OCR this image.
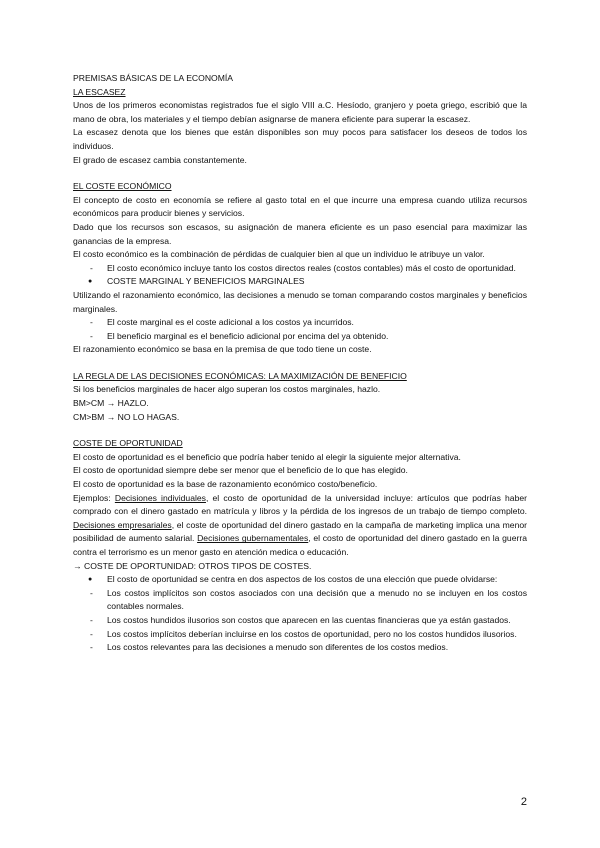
PREMISAS BÁSICAS DE LA ECONOMÍA

LA ESCASEZ

Unos de los primeros economistas registrados fue el siglo VIII a.C. Hesíodo, granjero y poeta griego, escribió que la mano de obra, los materiales y el tiempo debían asignarse de manera eficiente para superar la escasez.

La escasez denota que los bienes que están disponibles son muy pocos para satisfacer los deseos de todos los individuos.

El grado de escasez cambia constantemente.

EL COSTE ECONÓMICO

El concepto de costo en economía se refiere al gasto total en el que incurre una empresa cuando utiliza recursos económicos para producir bienes y servicios.

Dado que los recursos son escasos, su asignación de manera eficiente es un paso esencial para maximizar las ganancias de la empresa.

El costo económico es la combinación de pérdidas de cualquier bien al que un individuo le atribuye un valor.

- El costo económico incluye tanto los costos directos reales (costos contables) más el costo de oportunidad.
● COSTE MARGINAL Y BENEFICIOS MARGINALES

Utilizando el razonamiento económico, las decisiones a menudo se toman comparando costos marginales y beneficios marginales.

- El coste marginal es el coste adicional a los costos ya incurridos.
- El beneficio marginal es el beneficio adicional por encima del ya obtenido.

El razonamiento económico se basa en la premisa de que todo tiene un coste.

LA REGLA DE LAS DECISIONES ECONÓMICAS: LA MAXIMIZACIÓN DE BENEFICIO

Si los beneficios marginales de hacer algo superan los costos marginales, hazlo.

BM>CM → HAZLO.

CM>BM → NO LO HAGAS.

COSTE DE OPORTUNIDAD

El costo de oportunidad es el beneficio que podría haber tenido al elegir la siguiente mejor alternativa.

El costo de oportunidad siempre debe ser menor que el beneficio de lo que has elegido.

El costo de oportunidad es la base de razonamiento económico costo/beneficio.

Ejemplos: Decisiones individuales, el costo de oportunidad de la universidad incluye: artículos que podrías haber comprado con el dinero gastado en matrícula y libros y la pérdida de los ingresos de un trabajo de tiempo completo. Decisiones empresariales, el coste de oportunidad del dinero gastado en la campaña de marketing implica una menor posibilidad de aumento salarial. Decisiones gubernamentales, el costo de oportunidad del dinero gastado en la guerra contra el terrorismo es un menor gasto en atención medica o educación.

→ COSTE DE OPORTUNIDAD: OTROS TIPOS DE COSTES.

● El costo de oportunidad se centra en dos aspectos de los costos de una elección que puede olvidarse:
- Los costos implícitos son costos asociados con una decisión que a menudo no se incluyen en los costos contables normales.
- Los costos hundidos ilusorios son costos que aparecen en las cuentas financieras que ya están gastados.
- Los costos implícitos deberían incluirse en los costos de oportunidad, pero no los costos hundidos ilusorios.
- Los costos relevantes para las decisiones a menudo son diferentes de los costos medios.
2
